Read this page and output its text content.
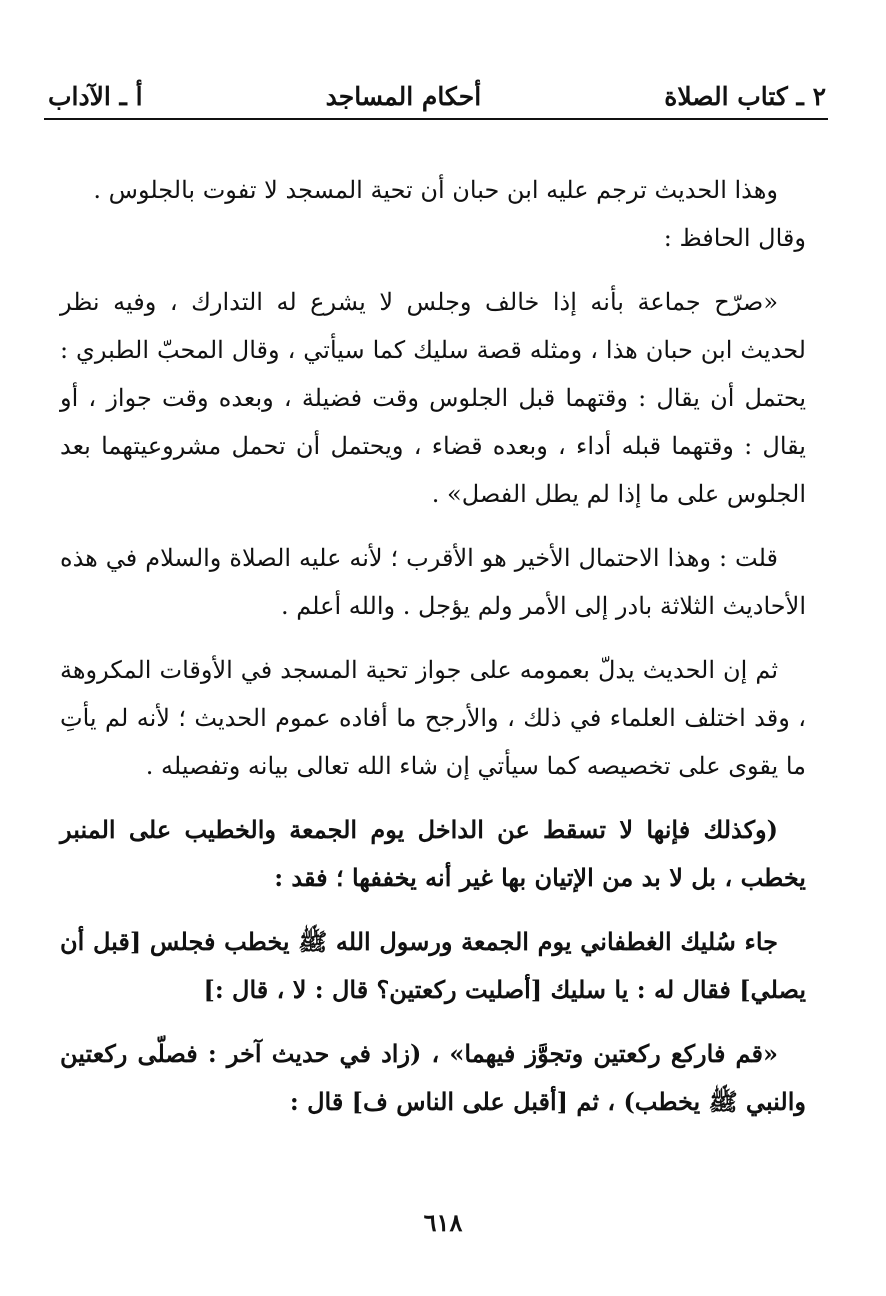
٢ ـ كتاب الصلاة
أحكام المساجد
أ ـ الآداب

وهذا الحديث ترجم عليه ابن حبان أن تحية المسجد لا تفوت بالجلوس .

وقال الحافظ :

«صرّح جماعة بأنه إذا خالف وجلس لا يشرع له التدارك ، وفيه نظر لحديث ابن حبان هذا ، ومثله قصة سليك كما سيأتي ، وقال المحبّ الطبري : يحتمل أن يقال : وقتهما قبل الجلوس وقت فضيلة ، وبعده وقت جواز ، أو يقال : وقتهما قبله أداء ، وبعده قضاء ، ويحتمل أن تحمل مشروعيتهما بعد الجلوس على ما إذا لم يطل الفصل» .

قلت : وهذا الاحتمال الأخير هو الأقرب ؛ لأنه عليه الصلاة والسلام في هذه الأحاديث الثلاثة بادر إلى الأمر ولم يؤجل . والله أعلم .

ثم إن الحديث يدلّ بعمومه على جواز تحية المسجد في الأوقات المكروهة ، وقد اختلف العلماء في ذلك ، والأرجح ما أفاده عموم الحديث ؛ لأنه لم يأتِ ما يقوى على تخصيصه كما سيأتي إن شاء الله تعالى بيانه وتفصيله .

(وكذلك فإنها لا تسقط عن الداخل يوم الجمعة والخطيب على المنبر يخطب ، بل لا بد من الإتيان بها غير أنه يخففها ؛ فقد :

جاء سُليك الغطفاني يوم الجمعة ورسول الله ﷺ يخطب فجلس [قبل أن يصلي] فقال له : يا سليك [أصليت ركعتين؟ قال : لا ، قال :]

«قم فاركع ركعتين وتجوَّز فيهما» ، (زاد في حديث آخر : فصلّى ركعتين والنبي ﷺ يخطب) ، ثم [أقبل على الناس ف] قال :

٦١٨
